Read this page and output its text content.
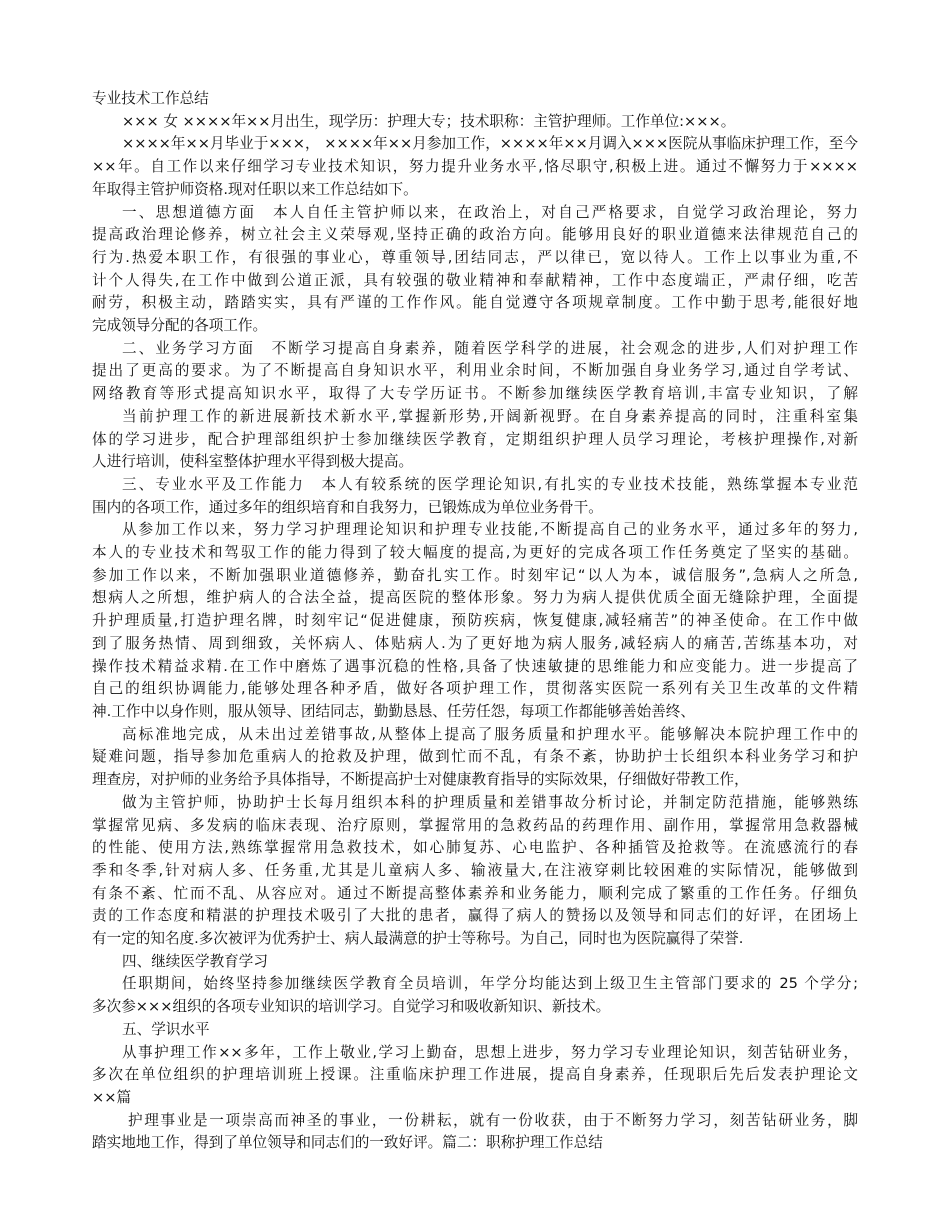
专业技术工作总结
××× 女 ××××年××月出生，现学历：护理大专；技术职称：主管护理师。工作单位:×××。
××××年××月毕业于×××， ××××年××月参加工作，××××年××月调入×××医院从事临床护理工作，至今
××年。自工作以来仔细学习专业技术知识，努力提升业务水平,恪尽职守,积极上进。通过不懈努力于××××
年取得主管护师资格.现对任职以来工作总结如下。
一、思想道德方面　本人自任主管护师以来，在政治上，对自己严格要求，自觉学习政治理论，努力
提高政治理论修养，树立社会主义荣辱观,坚持正确的政治方向。能够用良好的职业道德来法律规范自己的
行为.热爱本职工作，有很强的事业心，尊重领导,团结同志，严以律已，宽以待人。工作上以事业为重,不
计个人得失,在工作中做到公道正派，具有较强的敬业精神和奉献精神，工作中态度端正，严肃仔细，吃苦
耐劳，积极主动，踏踏实实，具有严谨的工作作风。能自觉遵守各项规章制度。工作中勤于思考,能很好地
完成领导分配的各项工作。
二、业务学习方面　不断学习提高自身素养，随着医学科学的进展，社会观念的进步,人们对护理工作
提出了更高的要求。为了不断提高自身知识水平，利用业余时间，不断加强自身业务学习,通过自学考试、
网络教育等形式提高知识水平，取得了大专学历证书。不断参加继续医学教育培训,丰富专业知识，了解
当前护理工作的新进展新技术新水平,掌握新形势,开阔新视野。在自身素养提高的同时，注重科室集
体的学习进步，配合护理部组织护士参加继续医学教育，定期组织护理人员学习理论，考核护理操作,对新
人进行培训，使科室整体护理水平得到极大提高。
三、专业水平及工作能力　本人有较系统的医学理论知识,有扎实的专业技术技能，熟练掌握本专业范
围内的各项工作，通过多年的组织培育和自我努力，已锻炼成为单位业务骨干。
从参加工作以来，努力学习护理理论知识和护理专业技能,不断提高自己的业务水平，通过多年的努力,
本人的专业技术和驾驭工作的能力得到了较大幅度的提高,为更好的完成各项工作任务奠定了坚实的基础。
参加工作以来，不断加强职业道德修养，勤奋扎实工作。时刻牢记“以人为本，诚信服务”,急病人之所急,
想病人之所想，维护病人的合法全益，提高医院的整体形象。努力为病人提供优质全面无缝除护理，全面提
升护理质量,打造护理名牌，时刻牢记“促进健康，预防疾病，恢复健康,减轻痛苦”的神圣使命。在工作中做
到了服务热情、周到细致，关怀病人、体贴病人.为了更好地为病人服务,减轻病人的痛苦,苦练基本功，对
操作技术精益求精.在工作中磨炼了遇事沉稳的性格,具备了快速敏捷的思维能力和应变能力。进一步提高了
自己的组织协调能力,能够处理各种矛盾，做好各项护理工作，贯彻落实医院一系列有关卫生改革的文件精
神.工作中以身作则，服从领导、团结同志，勤勤恳恳、任劳任怨，每项工作都能够善始善终、
高标准地完成，从未出过差错事故,从整体上提高了服务质量和护理水平。能够解决本院护理工作中的
疑难问题，指导参加危重病人的抢救及护理，做到忙而不乱，有条不紊，协助护士长组织本科业务学习和护
理查房，对护师的业务给予具体指导，不断提高护士对健康教育指导的实际效果，仔细做好带教工作，
做为主管护师，协助护士长每月组织本科的护理质量和差错事故分析讨论，并制定防范措施，能够熟练
掌握常见病、多发病的临床表现、治疗原则，掌握常用的急救药品的药理作用、副作用，掌握常用急救器械
的性能、使用方法,熟练掌握常用急救技术，如心肺复苏、心电监护、各种插管及抢救等。在流感流行的春
季和冬季,针对病人多、任务重,尤其是儿童病人多、输液量大,在注液穿刺比较困难的实际情况，能够做到
有条不紊、忙而不乱、从容应对。通过不断提高整体素养和业务能力，顺利完成了繁重的工作任务。仔细负
责的工作态度和精湛的护理技术吸引了大批的患者，赢得了病人的赞扬以及领导和同志们的好评，在团场上
有一定的知名度.多次被评为优秀护士、病人最满意的护士等称号。为自己，同时也为医院赢得了荣誉.
四、继续医学教育学习
任职期间，始终坚持参加继续医学教育全员培训，年学分均能达到上级卫生主管部门要求的 25 个学分;
多次参×××组织的各项专业知识的培训学习。自觉学习和吸收新知识、新技术。
五、学识水平
从事护理工作××多年，工作上敬业,学习上勤奋，思想上进步，努力学习专业理论知识，刻苦钻研业务，
多次在单位组织的护理培训班上授课。注重临床护理工作进展，提高自身素养，任现职后先后发表护理论文
××篇
护理事业是一项崇高而神圣的事业，一份耕耘，就有一份收获，由于不断努力学习，刻苦钻研业务，脚
踏实地地工作，得到了单位领导和同志们的一致好评。篇二：职称护理工作总结
